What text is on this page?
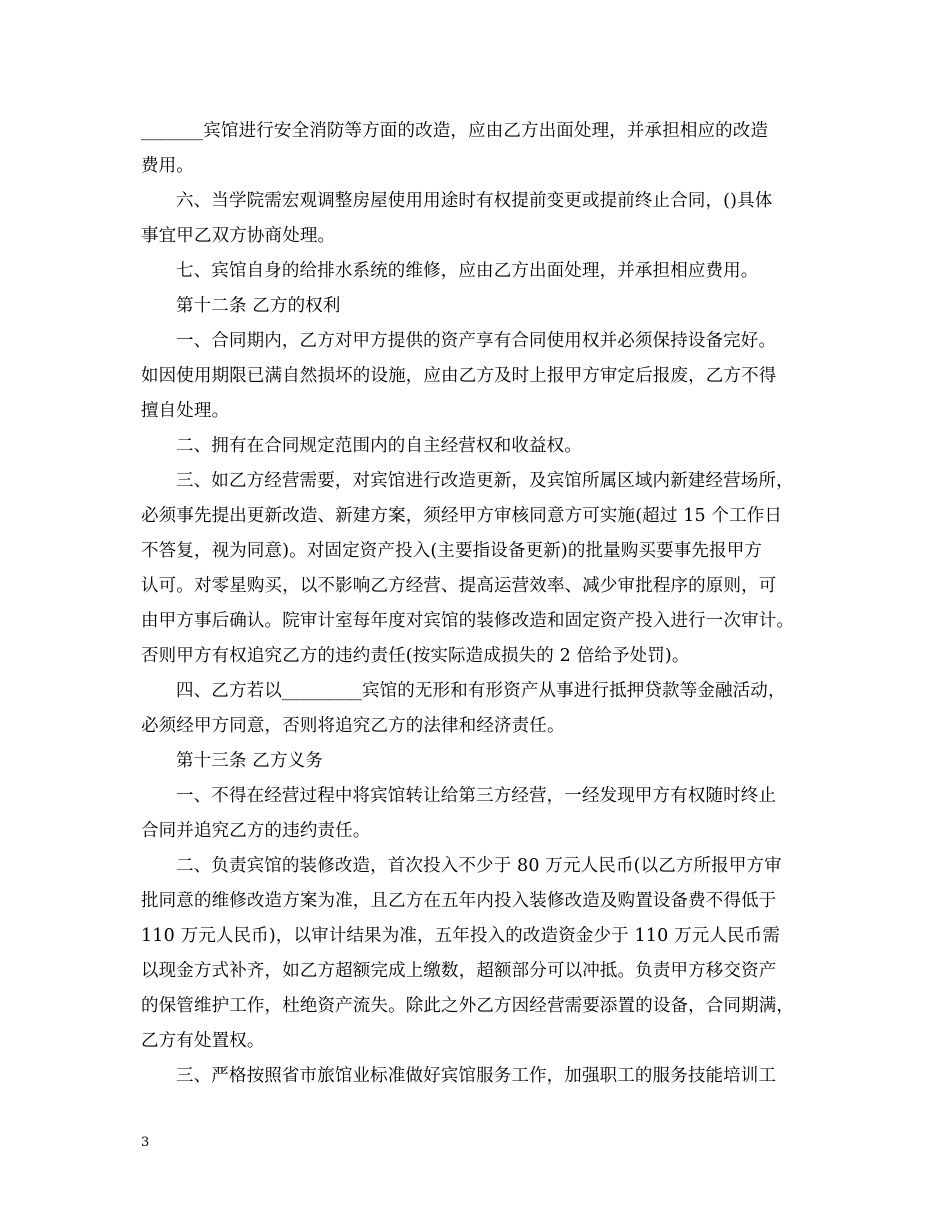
_______宾馆进行安全消防等方面的改造，应由乙方出面处理，并承担相应的改造
费用。
六、当学院需宏观调整房屋使用用途时有权提前变更或提前终止合同，()具体
事宜甲乙双方协商处理。
七、宾馆自身的给排水系统的维修，应由乙方出面处理，并承担相应费用。
第十二条 乙方的权利
一、合同期内，乙方对甲方提供的资产享有合同使用权并必须保持设备完好。
如因使用期限已满自然损坏的设施，应由乙方及时上报甲方审定后报废，乙方不得
擅自处理。
二、拥有在合同规定范围内的自主经营权和收益权。
三、如乙方经营需要，对宾馆进行改造更新，及宾馆所属区域内新建经营场所，
必须事先提出更新改造、新建方案，须经甲方审核同意方可实施(超过 15 个工作日
不答复，视为同意)。对固定资产投入(主要指设备更新)的批量购买要事先报甲方
认可。对零星购买，以不影响乙方经营、提高运营效率、减少审批程序的原则，可
由甲方事后确认。院审计室每年度对宾馆的装修改造和固定资产投入进行一次审计。
否则甲方有权追究乙方的违约责任(按实际造成损失的 2 倍给予处罚)。
四、乙方若以_________宾馆的无形和有形资产从事进行抵押贷款等金融活动，
必须经甲方同意，否则将追究乙方的法律和经济责任。
第十三条 乙方义务
一、不得在经营过程中将宾馆转让给第三方经营，一经发现甲方有权随时终止
合同并追究乙方的违约责任。
二、负责宾馆的装修改造，首次投入不少于 80 万元人民币(以乙方所报甲方审
批同意的维修改造方案为准，且乙方在五年内投入装修改造及购置设备费不得低于
110 万元人民币)，以审计结果为准，五年投入的改造资金少于 110 万元人民币需
以现金方式补齐，如乙方超额完成上缴数，超额部分可以冲抵。负责甲方移交资产
的保管维护工作，杜绝资产流失。除此之外乙方因经营需要添置的设备，合同期满，
乙方有处置权。
三、严格按照省市旅馆业标准做好宾馆服务工作，加强职工的服务技能培训工
3
